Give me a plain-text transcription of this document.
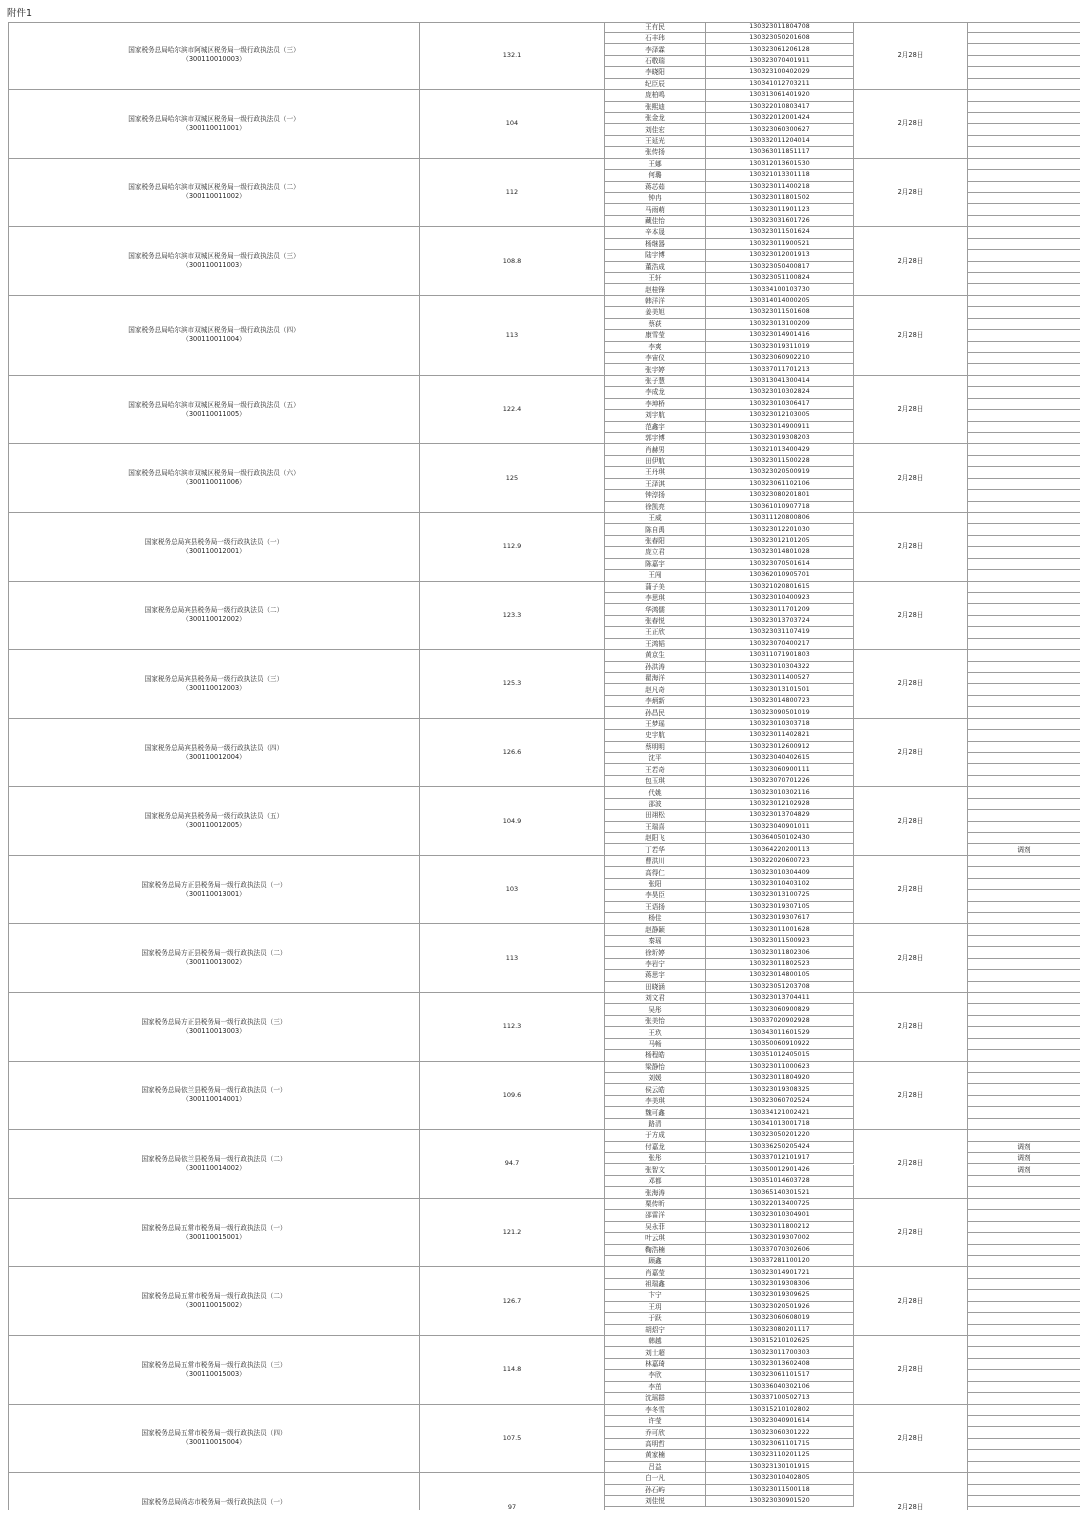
附件1
国家税务总局哈尔滨市阿城区税务局一级行政执法员（三）
（300110010003）
132.1	2月28日
王有民	130323011804708
石丰玮	130323050201608
李泽霖	130323061206128
石敬瑞	130323070401911
李晓阳	130323100402029
纪臣辰	130341012703211
国家税务总局哈尔滨市双城区税务局一级行政执法员（一）
（300110011001）
104	2月28日
庞柏鸣	130313061401920
张熙迪	130322010803417
张金龙	130322012001424
刘佳宏	130323060300627
王延光	130332011204014
张传扬	130363011851117
国家税务总局哈尔滨市双城区税务局一级行政执法员（二）
（300110011002）
112	2月28日
王娜	130312013601530
何璐	130321013301118
蒋芯茹	130323011400218
钟冉	130323011801502
马雨萌	130323011901123
藏佳怡	130323031601726
国家税务总局哈尔滨市双城区税务局一级行政执法员（三）
（300110011003）
108.8	2月28日
辛本晟	130323011501624
杨继器	130323011900521
陆宇博	130323012001913
董浩成	130323050400817
王轩	130323051100824
赵桂锋	130334100103730
国家税务总局哈尔滨市双城区税务局一级行政执法员（四）
（300110011004）
113	2月28日
韩洋洋	130314014000205
姜美旭	130323011501608
蔡荻	130323013100209
康雪莹	130323014901416
李爽	130323019311019
李宙仪	130323060902210
张宇婷	130337011701213
国家税务总局哈尔滨市双城区税务局一级行政执法员（五）
（300110011005）
122.4	2月28日
张子慧	130313041300414
李成龙	130323010302824
李坤桥	130323010306417
刘宇航	130323012103005
范鑫宇	130323014900911
郭宇博	130323019308203
国家税务总局哈尔滨市双城区税务局一级行政执法员（六）
（300110011006）
125	2月28日
肖赫男	130321013400429
田伊航	130323011500228
王丹琪	130323020500919
王泽淇	130323061102106
钟淳扬	130323080201801
徐凯亮	130361010907718
国家税务总局宾县税务局一级行政执法员（一）
（300110012001）
112.9	2月28日
王威	130311120800806
陈自禹	130323012201030
张春阳	130323012101205
庞立君	130323014801028
陈嘉宇	130323070501614
王闯	130362010905701
国家税务总局宾县税务局一级行政执法员（二）
（300110012002）
123.3	2月28日
蒲子美	130321020801615
李思琪	130323010400923
华鸿儒	130323011701209
张春悦	130323013703724
王正欣	130323031107419
王鸿韬	130323070400217
国家税务总局宾县税务局一级行政执法员（三）
（300110012003）
125.3	2月28日
黄京生	130311071901803
孙洪涛	130323010304322
翟海洋	130323011400527
赵凡奇	130323013101501
李炳新	130323014800723
孙昌民	130323090501019
国家税务总局宾县税务局一级行政执法员（四）
（300110012004）
126.6	2月28日
王梦瑶	130323010303718
史宇航	130323011402821
蔡明明	130323012600912
沈平	130323040402615
王若奇	130323060900111
包玉琪	130323070701226
国家税务总局宾县税务局一级行政执法员（五）
（300110012005）
104.9	2月28日
代姚	130323010302116
邵波	130323012102928
田翊松	130323013704829
王瑞喜	130323040901011
赵阳飞	130364050102430
丁若华	130364220200113	调剂
国家税务总局方正县税务局一级行政执法员（一）
（300110013001）
103	2月28日
曹洪川	130322020600723
高得仁	130323010304409
张阳	130323010403102
李昊臣	130323013100725
王语扬	130323019307105
杨佳	130323019307617
国家税务总局方正县税务局一级行政执法员（二）
（300110013002）
113	2月28日
赵静颖	130323011001628
秦瑶	130323011500923
徐圻婷	130323011802306
李岩宁	130323011802523
蒋思宇	130323014800105
田晓涵	130323051203708
国家税务总局方正县税务局一级行政执法员（三）
（300110013003）
112.3	2月28日
刘文君	130323013704411
吴彤	130323060900829
张美怡	130337020902928
王玖	130343011601529
马畅	130350060910922
杨程皓	130351012405015
国家税务总局依兰县税务局一级行政执法员（一）
（300110014001）
109.6	2月28日
梁静怡	130323011000623
刘媛	130323011804920
侯云皓	130323019308325
李美琪	130323060702524
魏可鑫	130334121002421
路清	130341013001718
国家税务总局依兰县税务局一级行政执法员（二）
（300110014002）
94.7	2月28日
于方成	130323050201220
付嘉龙	130336250205424	调剂
张彤	130337012101917	调剂
张智文	130350012901426	调剂
邓都	130351014603728
张海涛	130365140301521
国家税务总局五常市税务局一级行政执法员（一）
（300110015001）
121.2	2月28日
栗传昕	130322013400725
邵雷洋	130323010304901
吴永菲	130323011800212
叶云琪	130323019307002
鞠浩楠	130337070302606
顾鑫	130337281100120
国家税务总局五常市税务局一级行政执法员（二）
（300110015002）
126.7	2月28日
肖嘉莹	130323014901721
祖瑞鑫	130323019308306
卞宁	130323019309625
王玥	130323020501926
于跃	130323060608019
胡炤宁	130323080201117
国家税务总局五常市税务局一级行政执法员（三）
（300110015003）
114.8	2月28日
韩越	130315210102625
刘士超	130323011700303
林嘉琦	130323013602408
李欣	130323061101517
李茁	130336040302106
沈瑶群	130337100502713
国家税务总局五常市税务局一级行政执法员（四）
（300110015004）
107.5	2月28日
李冬雪	130315210102802
许莹	130323040901614
乔可欣	130323060301222
高明哲	130323061101715
黄家楠	130323110201125
吕益	130323130101915
国家税务总局尚志市税务局一级行政执法员（一）
97	2月28日
白一凡	130323010402805
孙石屿	130323011500118
刘佳悦	130323030901520
